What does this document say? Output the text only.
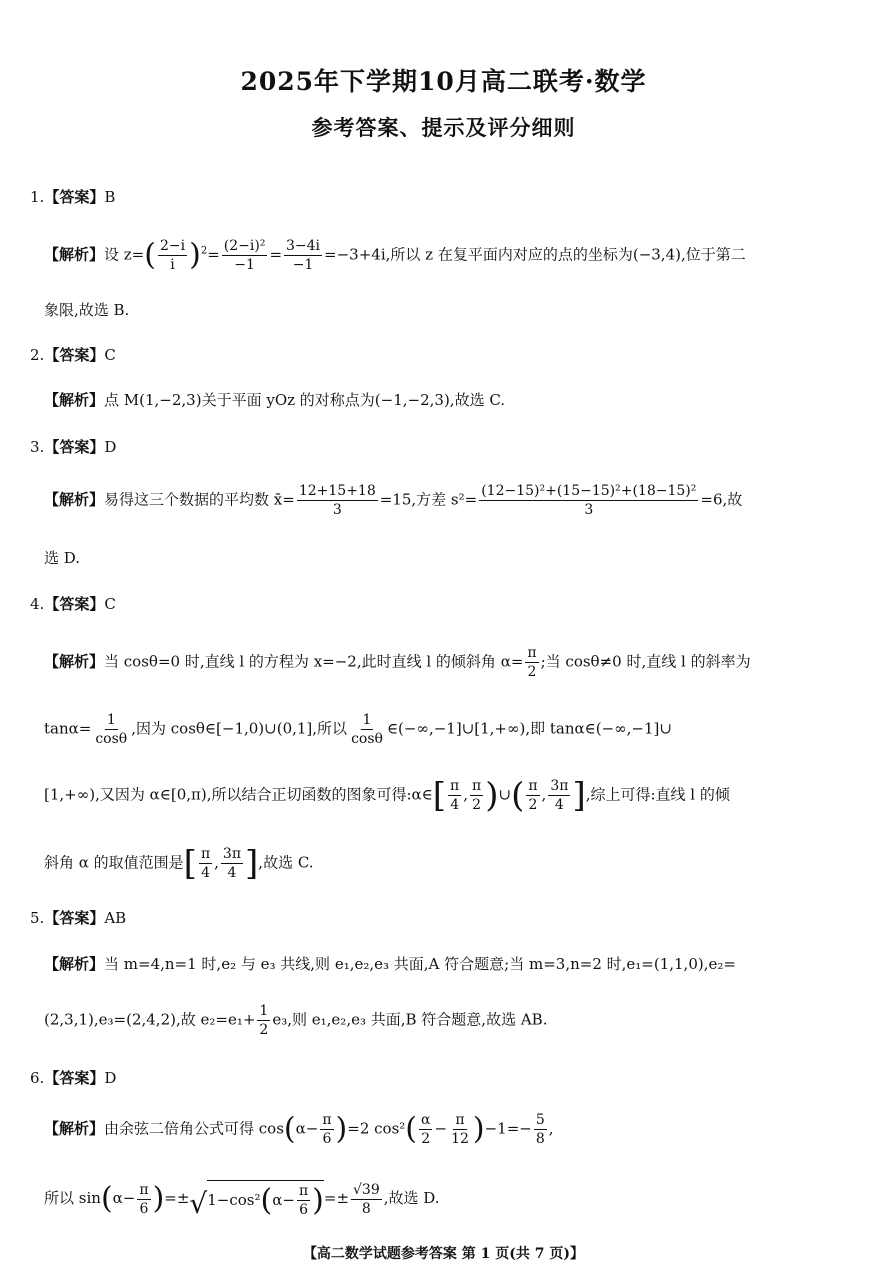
2025年下学期10月高二联考·数学
参考答案、提示及评分细则
1.【答案】B
【解析】设 $z=( \frac{2-i}{i} )^2= \frac{\text{(2−i)²}}{-1} = \frac{3-4i}{-1} =-3+4i$,所以 z 在复平面内对应的点的坐标为(−3,4),位于第二
象限,故选 B.
2.【答案】C
【解析】点 M(1,−2,3)关于平面 yOz 的对称点为(−1,−2,3),故选 C.
3.【答案】D
【解析】易得这三个数据的平均数 x̄= $\frac{12+15+18}{3} =15$,方差 $s^2= \frac{\text{(12−15)²+(15−15)²+(18−15)²}}{3} =6$,故
选 D.
4.【答案】C
【解析】当 cosθ=0 时,直线 l 的方程为 x=−2,此时直线 l 的倾斜角 $\alpha= \frac{\pi}{2}$ ;当 cosθ≠0 时,直线 l 的斜率为
$\tan\alpha= \frac{1}{\cos\theta}$ ,因为 cosθ∈[−1,0)∪(0,1],所以 $\frac{1}{\cos\theta}$ ∈(−∞,−1]∪[1,+∞),即 tanα∈(−∞,−1]∪
[1,+∞),又因为 α∈[0,π),所以结合正切函数的图象可得:α∈[ $\frac{\pi}{4}$ , $\frac{\pi}{2}$ )∪( $\frac{\pi}{2}$ , $\frac{3\pi}{4}$ ],综上可得:直线 l 的倾
斜角 α 的取值范围是[ $\frac{\pi}{4}$ , $\frac{3\pi}{4}$ ],故选 C.
5.【答案】AB
【解析】当 m=4,n=1 时,e₂ 与 e₃ 共线,则 e₁,e₂,e₃ 共面,A 符合题意;当 m=3,n=2 时,e₁=(1,1,0),e₂=
(2,3,1),e₃=(2,4,2),故 $e_2=e_1+ \frac{1}{2} e_3$,则 e₁,e₂,e₃ 共面,B 符合题意,故选 AB.
6.【答案】D
【解析】由余弦二倍角公式可得 $\cos(\alpha- \frac{\pi}{6} )=2$ $\cos^2( \frac{\alpha}{2} - \frac{\pi}{12} )-1=- \frac{5}{8}$ ,
所以 $\sin(\alpha- \frac{\pi}{6}$ )=± √ 1−cos² ( $\alpha- \frac{\pi}{6}$ ) =± $\frac{√39}{8}$ ,故选 D.
【高二数学试题参考答案 第 1 页(共 7 页)】
